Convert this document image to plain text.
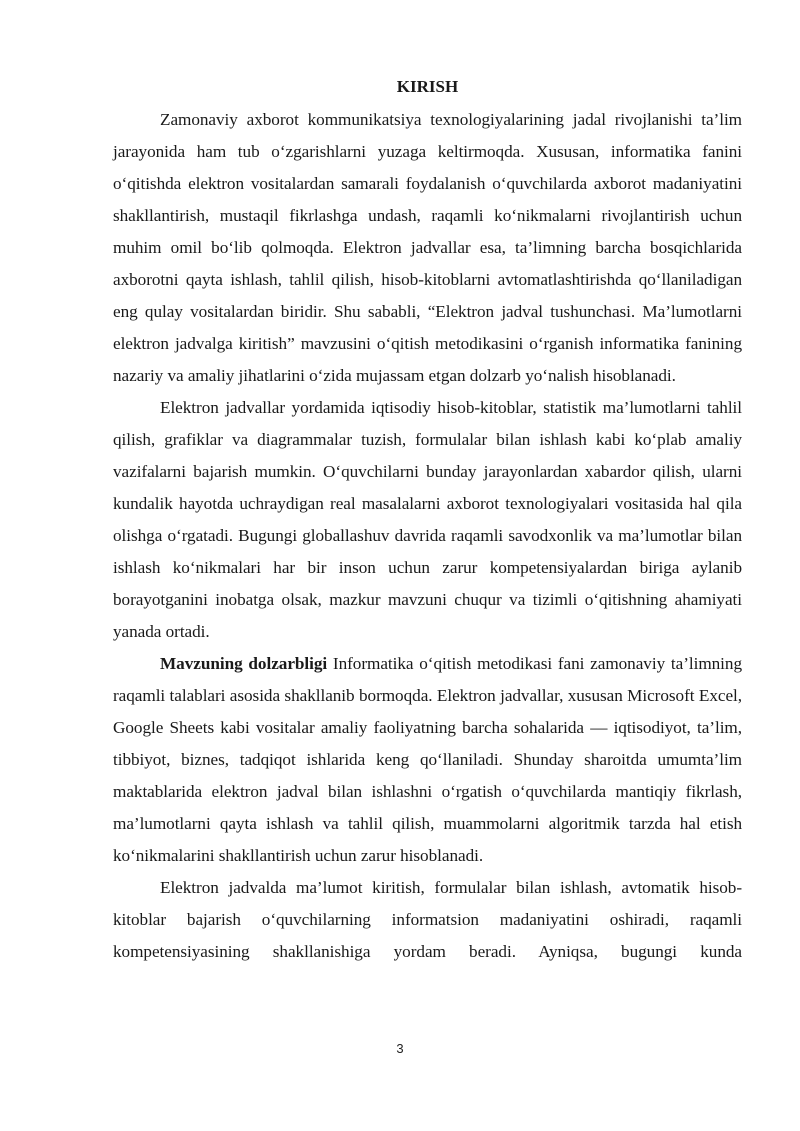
KIRISH

Zamonaviy axborot kommunikatsiya texnologiyalarining jadal rivojlanishi ta’lim jarayonida ham tub o‘zgarishlarni yuzaga keltirmoqda. Xususan, informatika fanini o‘qitishda elektron vositalardan samarali foydalanish o‘quvchilarda axborot madaniyatini shakllantirish, mustaqil fikrlashga undash, raqamli ko‘nikmalarni rivojlantirish uchun muhim omil bo‘lib qolmoqda. Elektron jadvallar esa, ta’limning barcha bosqichlarida axborotni qayta ishlash, tahlil qilish, hisob-kitoblarni avtomatlashtirishda qo‘llaniladigan eng qulay vositalardan biridir. Shu sababli, “Elektron jadval tushunchasi. Ma’lumotlarni elektron jadvalga kiritish” mavzusini o‘qitish metodikasini o‘rganish informatika fanining nazariy va amaliy jihatlarini o‘zida mujassam etgan dolzarb yo‘nalish hisoblanadi.

Elektron jadvallar yordamida iqtisodiy hisob-kitoblar, statistik ma’lumotlarni tahlil qilish, grafiklar va diagrammalar tuzish, formulalar bilan ishlash kabi ko‘plab amaliy vazifalarni bajarish mumkin. O‘quvchilarni bunday jarayonlardan xabardor qilish, ularni kundalik hayotda uchraydigan real masalalarni axborot texnologiyalari vositasida hal qila olishga o‘rgatadi. Bugungi globallashuv davrida raqamli savodxonlik va ma’lumotlar bilan ishlash ko‘nikmalari har bir inson uchun zarur kompetensiyalardan biriga aylanib borayotganini inobatga olsak, mazkur mavzuni chuqur va tizimli o‘qitishning ahamiyati yanada ortadi.

Mavzuning dolzarbligi Informatika o‘qitish metodikasi fani zamonaviy ta’limning raqamli talablari asosida shakllanib bormoqda. Elektron jadvallar, xususan Microsoft Excel, Google Sheets kabi vositalar amaliy faoliyatning barcha sohalarida — iqtisodiyot, ta’lim, tibbiyot, biznes, tadqiqot ishlarida keng qo‘llaniladi. Shunday sharoitda umumta’lim maktablarida elektron jadval bilan ishlashni o‘rgatish o‘quvchilarda mantiqiy fikrlash, ma’lumotlarni qayta ishlash va tahlil qilish, muammolarni algoritmik tarzda hal etish ko‘nikmalarini shakllantirish uchun zarur hisoblanadi.

Elektron jadvalda ma’lumot kiritish, formulalar bilan ishlash, avtomatik hisob-kitoblar bajarish o‘quvchilarning informatsion madaniyatini oshiradi, raqamli kompetensiyasining shakllanishiga yordam beradi. Ayniqsa, bugungi kunda

3
